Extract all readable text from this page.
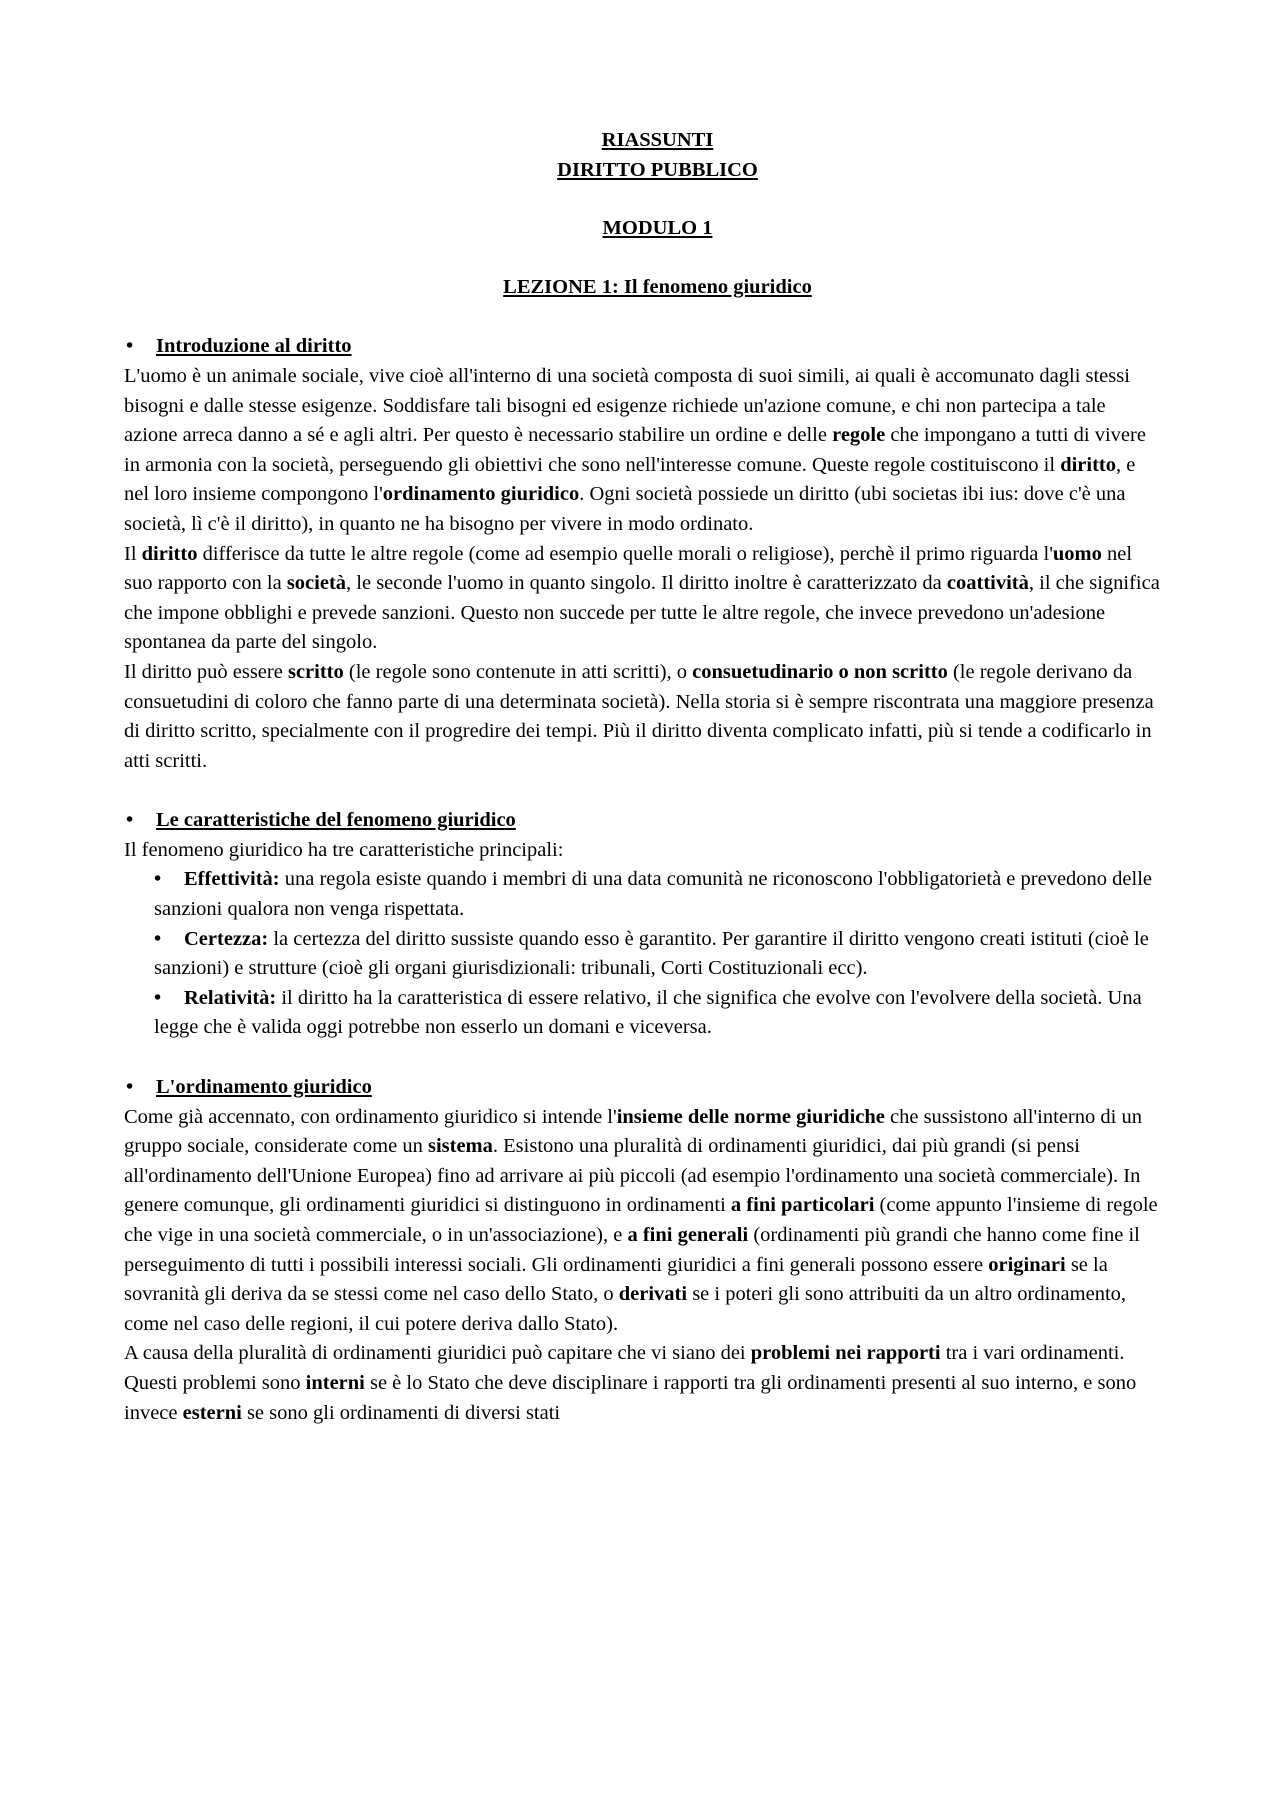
RIASSUNTI
DIRITTO PUBBLICO
MODULO 1
LEZIONE 1: Il fenomeno giuridico
•	Introduzione al diritto

L'uomo è un animale sociale, vive cioè all'interno di una società composta di suoi simili, ai quali è accomunato dagli stessi bisogni e dalle stesse esigenze. Soddisfare tali bisogni ed esigenze richiede un'azione comune, e chi non partecipa a tale azione arreca danno a sé e agli altri. Per questo è necessario stabilire un ordine e delle regole che impongano a tutti di vivere in armonia con la società, perseguendo gli obiettivi che sono nell'interesse comune. Queste regole costituiscono il diritto, e nel loro insieme compongono l'ordinamento giuridico. Ogni società possiede un diritto (ubi societas ibi ius: dove c'è una società, lì c'è il diritto), in quanto ne ha bisogno per vivere in modo ordinato.

Il diritto differisce da tutte le altre regole (come ad esempio quelle morali o religiose), perchè il primo riguarda l'uomo nel suo rapporto con la società, le seconde l'uomo in quanto singolo. Il diritto inoltre è caratterizzato da coattività, il che significa che impone obblighi e prevede sanzioni. Questo non succede per tutte le altre regole, che invece prevedono un'adesione spontanea da parte del singolo.

Il diritto può essere scritto (le regole sono contenute in atti scritti), o consuetudinario o non scritto (le regole derivano da consuetudini di coloro che fanno parte di una determinata società). Nella storia si è sempre riscontrata una maggiore presenza di diritto scritto, specialmente con il progredire dei tempi. Più il diritto diventa complicato infatti, più si tende a codificarlo in atti scritti.

•	Le caratteristiche del fenomeno giuridico

Il fenomeno giuridico ha tre caratteristiche principali:

• Effettività: una regola esiste quando i membri di una data comunità ne riconoscono l'obbligatorietà e prevedono delle sanzioni qualora non venga rispettata.
• Certezza: la certezza del diritto sussiste quando esso è garantito. Per garantire il diritto vengono creati istituti (cioè le sanzioni) e strutture (cioè gli organi giurisdizionali: tribunali, Corti Costituzionali ecc).
• Relatività: il diritto ha la caratteristica di essere relativo, il che significa che evolve con l'evolvere della società. Una legge che è valida oggi potrebbe non esserlo un domani e viceversa.
•	L'ordinamento giuridico

Come già accennato, con ordinamento giuridico si intende l'insieme delle norme giuridiche che sussistono all'interno di un gruppo sociale, considerate come un sistema. Esistono una pluralità di ordinamenti giuridici, dai più grandi (si pensi all'ordinamento dell'Unione Europea) fino ad arrivare ai più piccoli (ad esempio l'ordinamento una società commerciale). In genere comunque, gli ordinamenti giuridici si distinguono in ordinamenti a fini particolari (come appunto l'insieme di regole che vige in una società commerciale, o in un'associazione), e a fini generali (ordinamenti più grandi che hanno come fine il perseguimento di tutti i possibili interessi sociali. Gli ordinamenti giuridici a fini generali possono essere originari se la sovranità gli deriva da se stessi come nel caso dello Stato, o derivati se i poteri gli sono attribuiti da un altro ordinamento, come nel caso delle regioni, il cui potere deriva dallo Stato).

A causa della pluralità di ordinamenti giuridici può capitare che vi siano dei problemi nei rapporti tra i vari ordinamenti. Questi problemi sono interni se è lo Stato che deve disciplinare i rapporti tra gli ordinamenti presenti al suo interno, e sono invece esterni se sono gli ordinamenti di diversi stati
